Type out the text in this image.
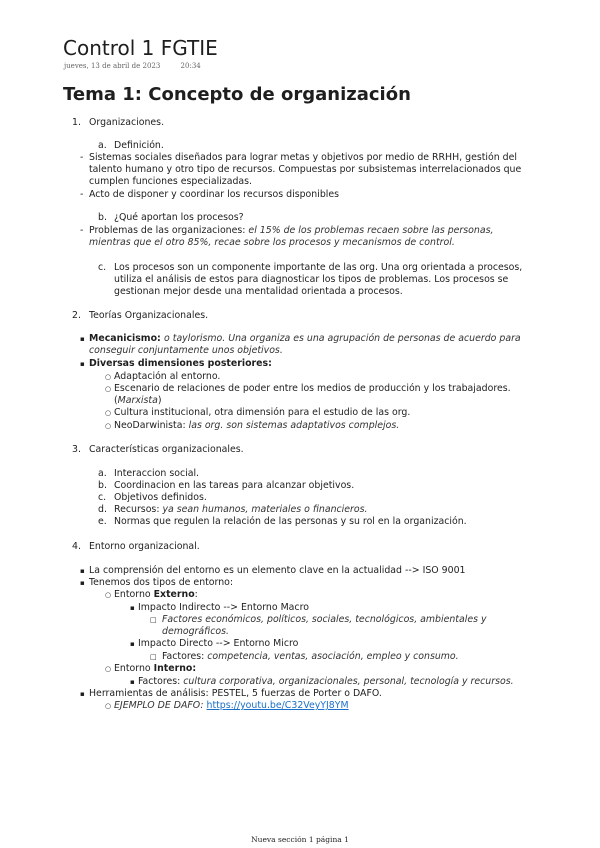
Control 1 FGTIE
jueves, 13 de abril de 2023	20:34
Tema 1: Concepto de organización
1. Organizaciones.
a. Definición.
- Sistemas sociales diseñados para lograr metas y objetivos por medio de RRHH, gestión del
talento humano y otro tipo de recursos. Compuestas por subsistemas interrelacionados que
cumplen funciones especializadas.
- Acto de disponer y coordinar los recursos disponibles
b. ¿Qué aportan los procesos?
- Problemas de las organizaciones: el 15% de los problemas recaen sobre las personas,
mientras que el otro 85%, recae sobre los procesos y mecanismos de control.
c. Los procesos son un componente importante de las org. Una org orientada a procesos,
utiliza el análisis de estos para diagnosticar los tipos de problemas. Los procesos se
gestionan mejor desde una mentalidad orientada a procesos.
2. Teorías Organizacionales.
▪ Mecanicismo: o taylorismo. Una organiza es una agrupación de personas de acuerdo para
conseguir conjuntamente unos objetivos.
▪ Diversas dimensiones posteriores:
○ Adaptación al entorno.
○ Escenario de relaciones de poder entre los medios de producción y los trabajadores.
(Marxista)
○ Cultura institucional, otra dimensión para el estudio de las org.
○ NeoDarwinista: las org. son sistemas adaptativos complejos.
3. Características organizacionales.
a. Interaccion social.
b. Coordinacion en las tareas para alcanzar objetivos.
c. Objetivos definidos.
d. Recursos: ya sean humanos, materiales o financieros.
e. Normas que regulen la relación de las personas y su rol en la organización.
4. Entorno organizacional.
▪ La comprensión del entorno es un elemento clave en la actualidad --> ISO 9001
▪ Tenemos dos tipos de entorno:
○ Entorno Externo:
▪ Impacto Indirecto --> Entorno Macro
□ Factores económicos, políticos, sociales, tecnológicos, ambientales y
demográficos.
▪ Impacto Directo --> Entorno Micro
□ Factores: competencia, ventas, asociación, empleo y consumo.
○ Entorno Interno:
▪ Factores: cultura corporativa, organizacionales, personal, tecnología y recursos.
▪ Herramientas de análisis: PESTEL, 5 fuerzas de Porter o DAFO.
○ EJEMPLO DE DAFO: https://youtu.be/C32VeyYJ8YM
Nueva sección 1 página 1
